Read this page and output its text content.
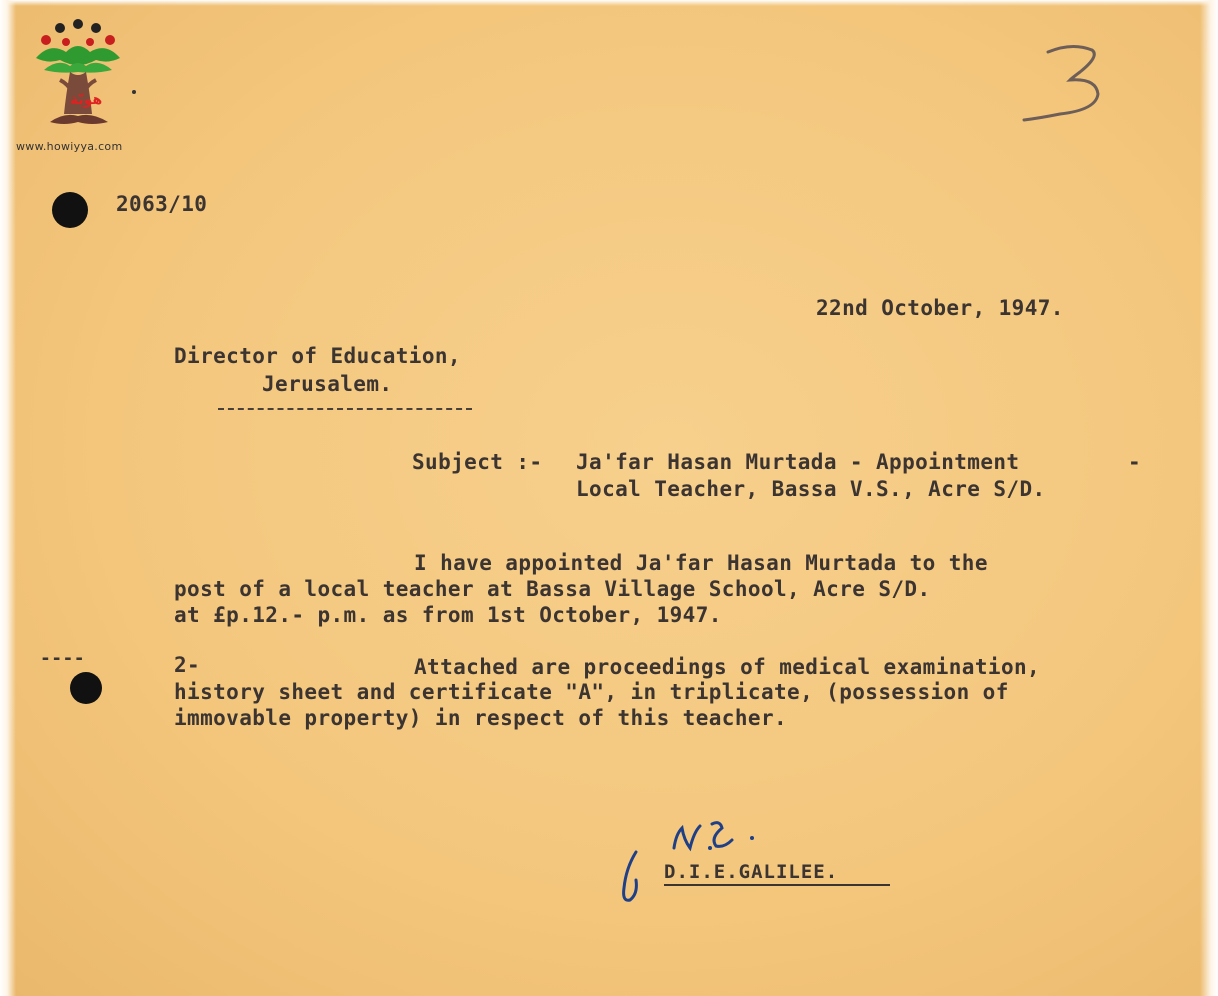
هويّة
www.howiyya.com
2063/10
22nd October, 1947.
Director of Education,
Jerusalem.
Subject :- Ja'far Hasan Murtada - Appointment	-
Local Teacher, Bassa V.S., Acre S/D.
I have appointed Ja'far Hasan Murtada to the
post of a local teacher at Bassa Village School, Acre S/D.
at £p.12.- p.m. as from 1st October, 1947.
----	2-	Attached are proceedings of medical examination,
history sheet and certificate "A", in triplicate, (possession of
immovable property) in respect of this teacher.
N.S.
D.I.E.GALILEE.
